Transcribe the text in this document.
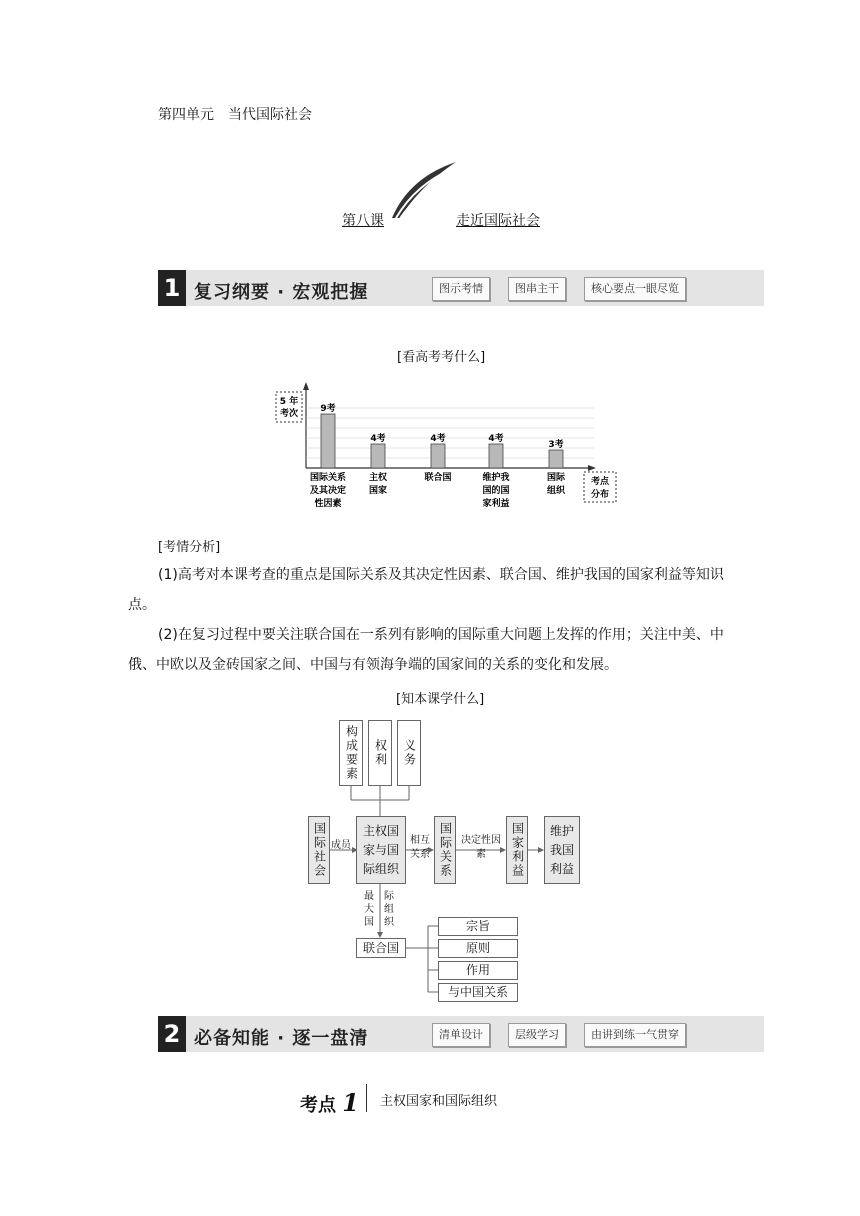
第四单元　当代国际社会
第八课	走近国际社会
1 复习纲要 · 宏观把握	图示考情	图串主干	核心要点一眼尽览
[看高考考什么]
5 年
考次 9考
国际关系
及其决定
性因素
4考
主权
国家
4考
联合国
4考
维护我
国的国
家利益
3考
国际
组织
考点
分布
[考情分析]
(1)高考对本课考查的重点是国际关系及其决定性因素、联合国、维护我国的国家利益等知识点。
(2)在复习过程中要关注联合国在一系列有影响的国际重大问题上发挥的作用；关注中美、中俄、中欧以及金砖国家之间、中国与有领海争端的国家间的关系的变化和发展。
[知本课学什么]
构成要素	权利	义务
国际社会 成员
主权国家与国际组织
相互关系 国际关系 决定性因素	国家利益	维护我国利益
最大国
际组织
联合国
宗旨
原则
作用
与中国关系
2 必备知能 · 逐一盘清	清单设计	层级学习	由讲到练一气贯穿
考点 1 主权国家和国际组织
